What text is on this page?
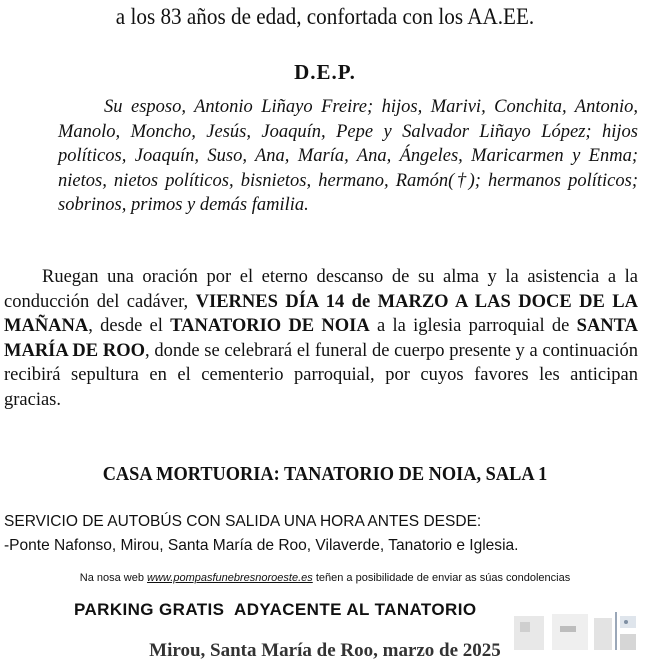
a los 83 años de edad, confortada con los AA.EE.
D.E.P.
Su esposo, Antonio Liñayo Freire; hijos, Marivi, Conchita, Antonio, Manolo, Moncho, Jesús, Joaquín, Pepe y Salvador Liñayo López; hijos políticos, Joaquín, Suso, Ana, María, Ana, Ángeles, Maricarmen y Enma; nietos, nietos políticos, bisnietos, hermano, Ramón(†); hermanos políticos; sobrinos, primos y demás familia.
Ruegan una oración por el eterno descanso de su alma y la asistencia a la conducción del cadáver, VIERNES DÍA 14 de MARZO A LAS DOCE DE LA MAÑANA, desde el TANATORIO DE NOIA a la iglesia parroquial de SANTA MARÍA DE ROO, donde se celebrará el funeral de cuerpo presente y a continuación recibirá sepultura en el cementerio parroquial, por cuyos favores les anticipan gracias.
CASA MORTUORIA: TANATORIO DE NOIA, SALA 1
SERVICIO DE AUTOBÚS CON SALIDA UNA HORA ANTES DESDE:
-Ponte Nafonso, Mirou, Santa María de Roo, Vilaverde, Tanatorio e Iglesia.
Na nosa web www.pompasfunebresnoroeste.es teñen a posibilidade de enviar as súas condolencias
PARKING GRATIS  ADYACENTE AL TANATORIO
Mirou, Santa María de Roo, marzo de 2025
